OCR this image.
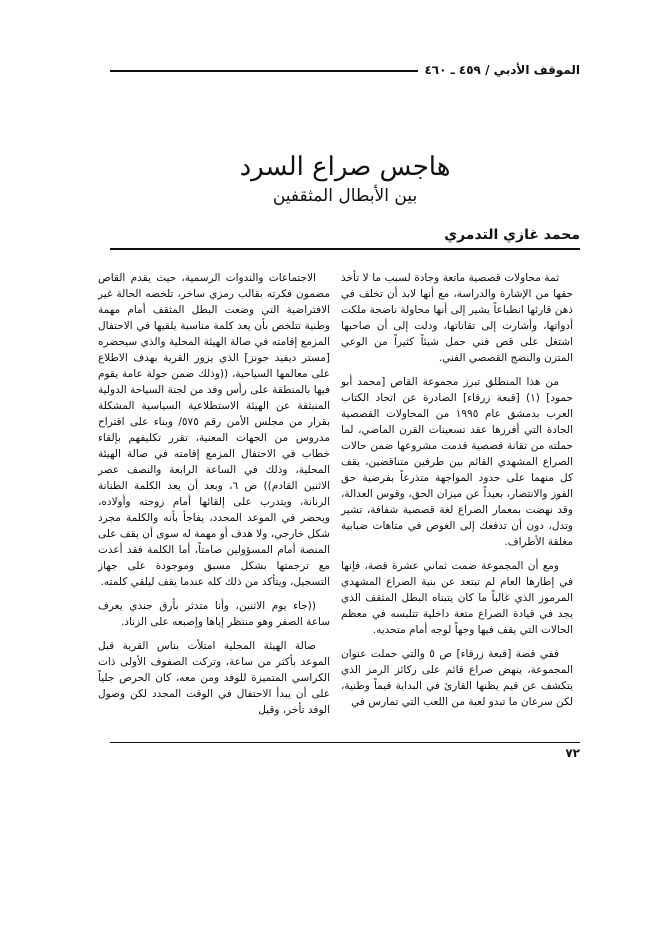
الموقف الأدبي / ٤٥٩ ـ ٤٦٠
هاجس صراع السرد
بين الأبطال المثقفين
محمد غازي التدمري

ثمة محاولات قصصية ماتعة وجادة لسبب ما لا تأخذ حقها من الإشارة والدراسة، مع أنها لابد أن تخلف في ذهن قارئها انطباعاً يشير إلى أنها محاولة ناضجة ملكت أدواتها، وأشارت إلى تقاناتها، ودلت إلى أن صاحبها اشتغل على قص فني حمل شيئاً كثيراً من الوعي المتزن والنضج القصصي الفني.

من هذا المنطلق تبرز مجموعة القاص [محمد أبو حمود] (١) [قبعة زرقاء] الصادرة عن اتحاد الكتاب العرب بدمشق عام ١٩٩٥ من المحاولات القصصية الجادة التي أفرزها عقد تسعينات القرن الماضي، لما حملته من تقانة قصصية قدمت مشروعها ضمن حالات الصراع المشهدي القائم بين طرفين متناقضين، يقف كل منهما على حدود المواجهة متذرعاً بفرضية حق الفوز والانتصار، بعيداً عن ميزان الحق، وقوس العدالة، وقد نهضت بمعمار الصراع لغة قصصية شفافة، تشير وتدل، دون أن تدفعك إلى الغوص في متاهات ضبابية مغلقة الأطراف.

ومع أن المجموعة ضمت ثماني عشرة قصة، فإنها في إطارها العام لم تبتعد عن بنية الصراع المشهدي المرموز الذي غالباً ما كان يتبناه البطل المثقف الذي يجد في قيادة الصراع متعة داخلية تتلبسه في معظم الحالات التي يقف فيها وجهاً لوجه أمام متحديه.

ففي قصة [قبعة زرقاء] ص ٥ والتي حملت عنوان المجموعة، ينهض صراع قائم على ركائز الرمز الذي يتكشف عن قيم يظنها القارئ في البداية قيماً وطنية، لكن سرعان ما تبدو لعبة من اللعب التي تمارس في

الاجتماعات والندوات الرسمية، حيث يقدم القاص مضمون فكرته بقالب رمزي ساخر، تلخصه الحالة غير الافتراضية التي وضعت البطل المثقف أمام مهمة وطنية تتلخص بأن يعد كلمة مناسبة يلقيها في الاحتفال المزمع إقامته في صالة الهيئة المحلية والذي سيحضره [مستر ديفيد جونز] الذي يزور القرية بهدف الاطلاع على معالمها السياحية، ((وذلك ضمن جولة عامة يقوم فيها بالمنطقة على رأس وفد من لجنة السياحة الدولية المنبثقة عن الهيئة الاستطلاعية السياسية المشكلة بقرار من مجلس الأمن رقم ٥٧٥/ وبناء على اقتراح مدروس من الجهات المعنية، تقرر تكليفهم بإلقاء خطاب في الاحتفال المزمع إقامته في صالة الهيئة المحلية، وذلك في الساعة الرابعة والنصف عصر الاثنين القادم)) ص ٦، وبعد أن يعد الكلمة الطنانة الرنانة، ويتدرب على إلقائها أمام زوجته وأولاده، ويحضر في الموعد المحدد، يفاجأ بأنه والكلمة مجرد شكل خارجي، ولا هدف أو مهمة له سوى أن يقف على المنصة أمام المسؤولين صامتاً، أما الكلمة فقد أعدت مع ترجمتها بشكل مسبق وموجودة على جهاز التسجيل، ويتأكد من ذلك كله عندما يقف ليلقي كلمته.

((جاء يوم الاثنين، وأنا متدثر بأرق جندي يعرف ساعة الصفر وهو منتظر إياها وإصبعه على الزناد.

صالة الهيئة المحلية امتلأت بناس القرية قبل الموعد بأكثر من ساعة، وتركت الصفوف الأولى ذات الكراسي المتميزة للوفد ومن معه، كان الحرص جلياً على أن يبدأ الاحتفال في الوقت المحدد لكن وصول الوفد تأخر، وقيل

٧٢
